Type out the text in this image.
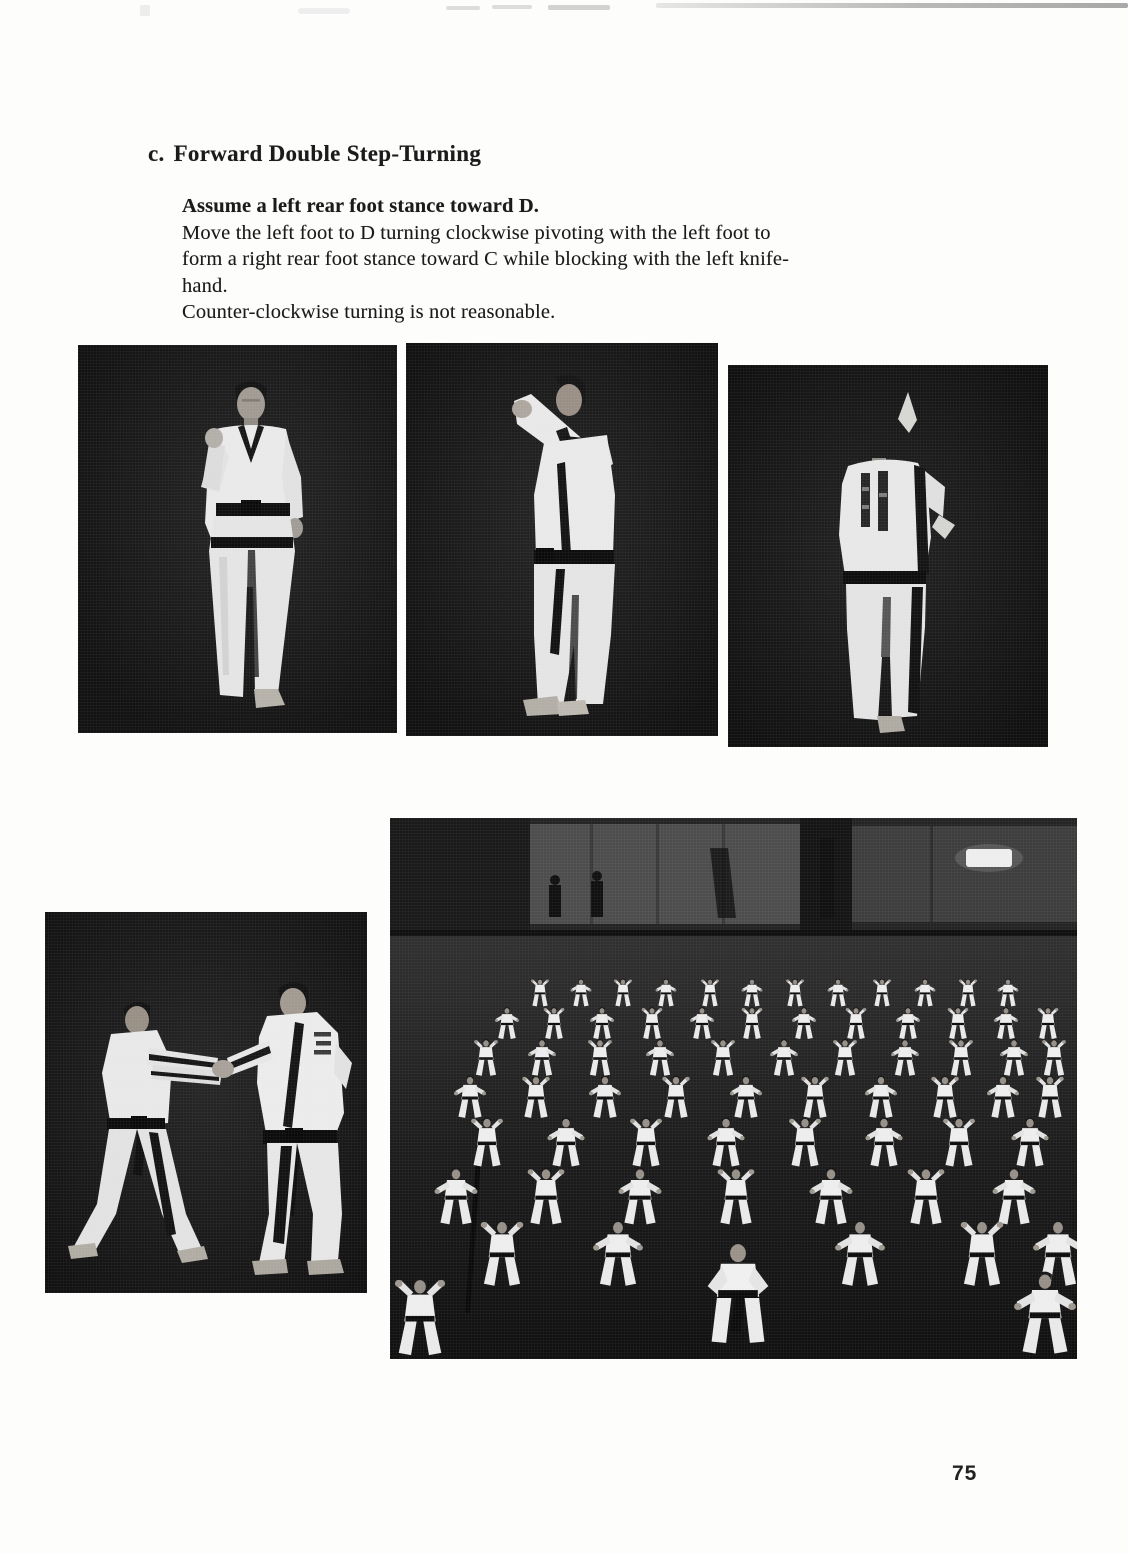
c. Forward Double Step-Turning

Assume a left rear foot stance toward D.

Move the left foot to D turning clockwise pivoting with the left foot to

form a right rear foot stance toward C while blocking with the left knife-

hand.

Counter-clockwise turning is not reasonable.

75
